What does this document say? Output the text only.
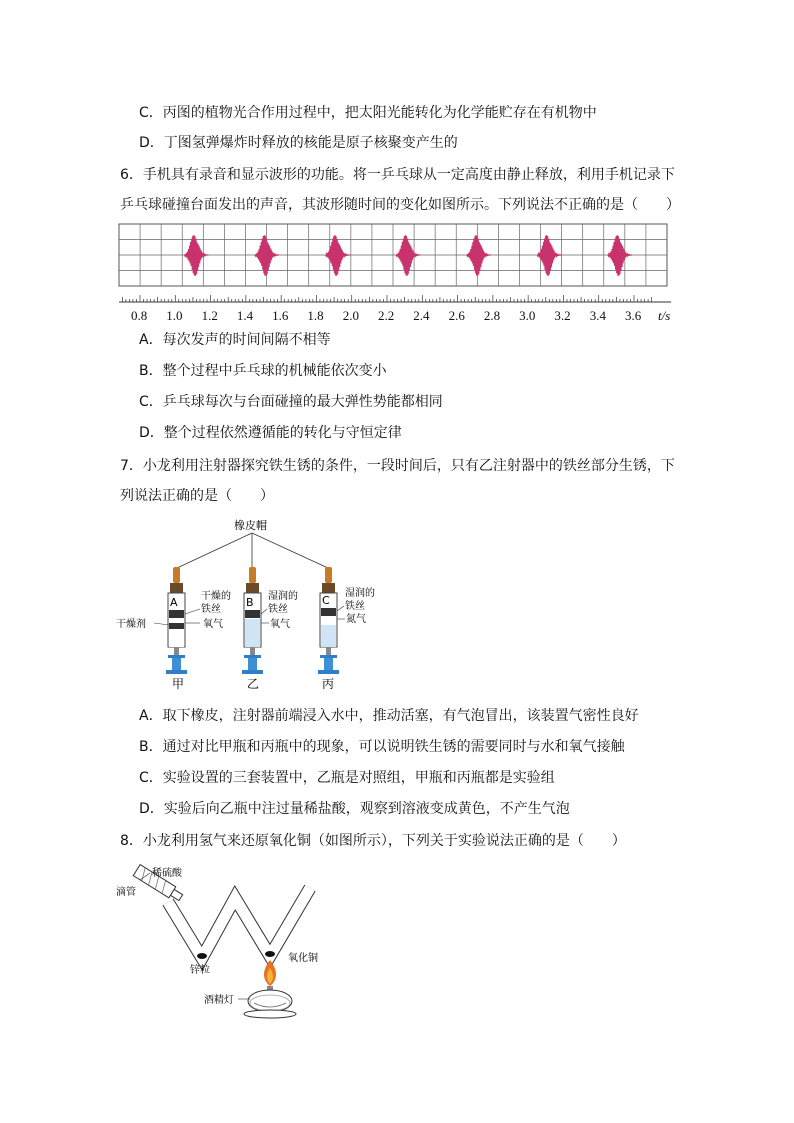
C．丙图的植物光合作用过程中，把太阳光能转化为化学能贮存在有机物中
D．丁图氢弹爆炸时释放的核能是原子核聚变产生的
6．手机具有录音和显示波形的功能。将一乒乓球从一定高度由静止释放，利用手机记录下
乒乓球碰撞台面发出的声音，其波形随时间的变化如图所示。下列说法不正确的是（　　）
0.8 1.0 1.2 1.4 1.6 1.8 2.0 2.2 2.4 2.6 2.8 3.0 3.2 3.4 3.6 t/s
A．每次发声的时间间隔不相等
B．整个过程中乒乓球的机械能依次变小
C．乒乓球每次与台面碰撞的最大弹性势能都相同
D．整个过程依然遵循能的转化与守恒定律
7．小龙利用注射器探究铁生锈的条件，一段时间后，只有乙注射器中的铁丝部分生锈，下
列说法正确的是（　　）
橡皮帽
A 干燥的
铁丝
氧气
干燥剂
甲
B 湿润的
铁丝
氧气
乙
C
湿润的
铁丝
氮气
丙
A．取下橡皮，注射器前端浸入水中，推动活塞，有气泡冒出，该装置气密性良好
B．通过对比甲瓶和丙瓶中的现象，可以说明铁生锈的需要同时与水和氧气接触
C．实验设置的三套装置中，乙瓶是对照组，甲瓶和丙瓶都是实验组
D．实验后向乙瓶中注过量稀盐酸，观察到溶液变成黄色，不产生气泡
8．小龙利用氢气来还原氧化铜（如图所示），下列关于实验说法正确的是（　　）
稀硫酸
滴管
锌粒
氧化铜
酒精灯
